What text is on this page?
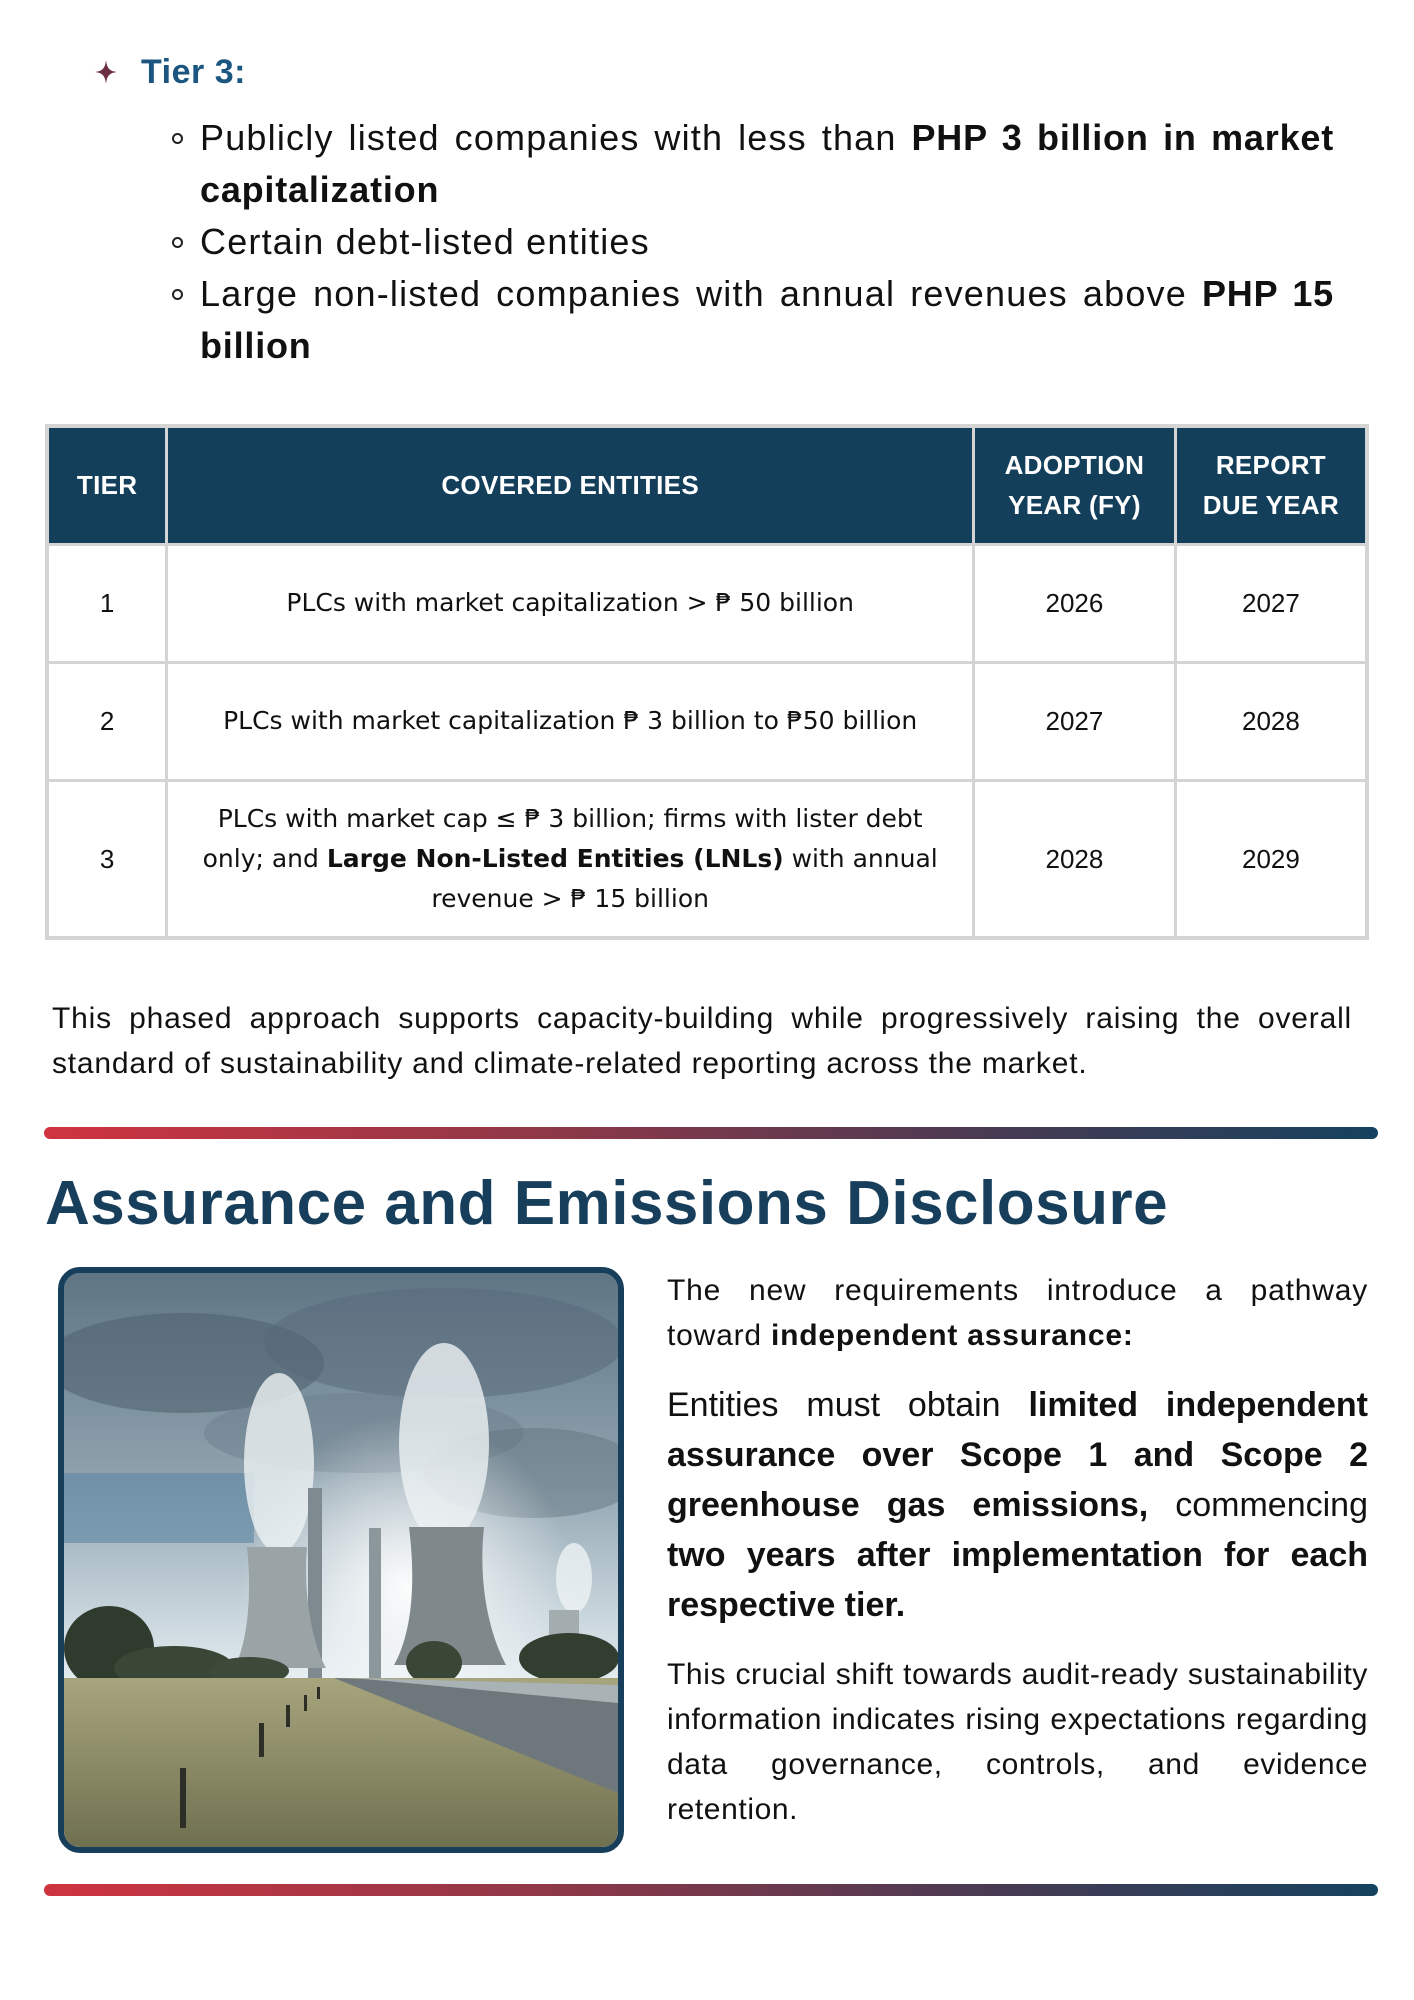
Tier 3:
Publicly listed companies with less than PHP 3 billion in market capitalization
Certain debt-listed entities
Large non-listed companies with annual revenues above PHP 15 billion
TIER	COVERED ENTITIES	ADOPTION YEAR (FY)	REPORT DUE YEAR
1	PLCs with market capitalization > ₱ 50 billion	2026	2027
2	PLCs with market capitalization ₱ 3 billion to ₱50 billion	2027	2028
3	PLCs with market cap ≤ ₱ 3 billion; firms with lister debt only; and Large Non-Listed Entities (LNLs) with annual revenue > ₱ 15 billion	2028	2029

This phased approach supports capacity-building while progressively raising the overall standard of sustainability and climate-related reporting across the market.

Assurance and Emissions Disclosure

The new requirements introduce a pathway toward independent assurance:

Entities must obtain limited independent assurance over Scope 1 and Scope 2 greenhouse gas emissions, commencing two years after implementation for each respective tier.

This crucial shift towards audit-ready sustainability information indicates rising expectations regarding data governance, controls, and evidence retention.
